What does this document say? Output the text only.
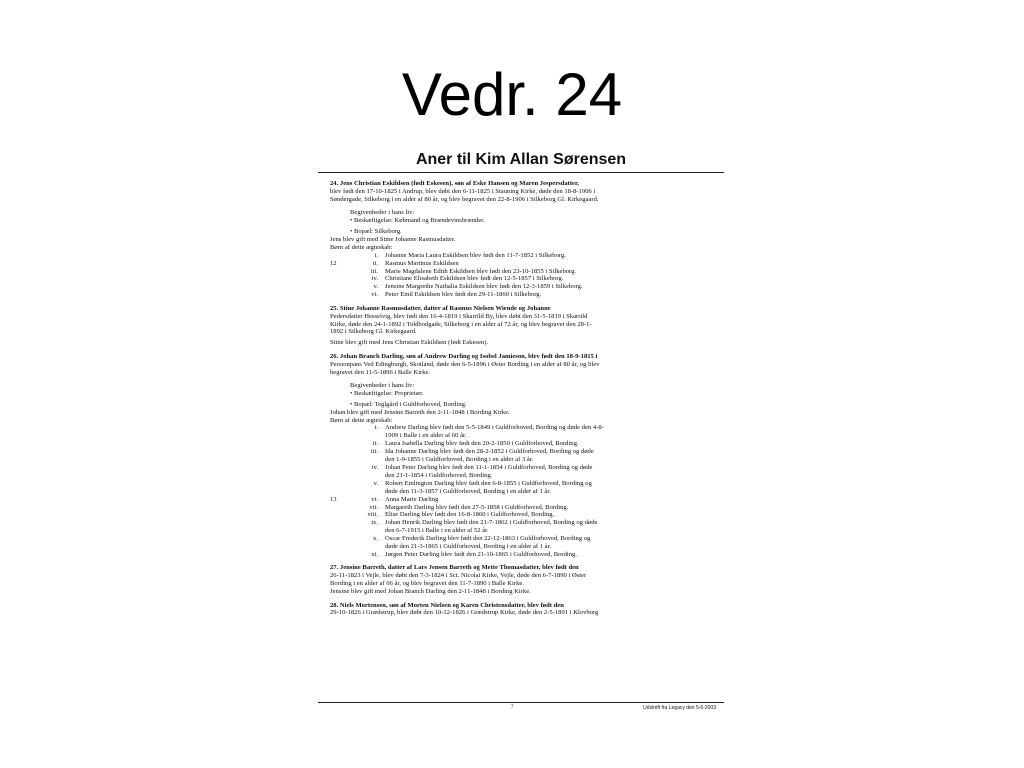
Vedr. 24
Aner til Kim Allan Sørensen

24. Jens Christian Eskildsen (født Eskesen), søn af Eske Hansen og Maren Jespersdatter,

blev født den 17-10-1825 i Andrup, blev døbt den 6-11-1825 i Stauning Kirke, døde den 18-8-1906 i

Søndergade, Silkeborg i en alder af 80 år, og blev begravet den 22-8-1906 i Silkeborg Gl. Kirkegaard.

Begivenheder i hans liv:

• Beskæftigelse: Købmand og Brændevinsbrænder.

• Bopæl: Silkeborg.

Jens blev gift med Stine Johanne Rasmusdatter.

Børn af dette ægteskab:

i.	Johanne Maria Laura Eskildsen blev født den 11-7-1852 i Silkeborg.
12	ii.	Rasmus Martinus Eskildsen
iii.	Marie Magdalene Edith Eskildsen blev født den 23-10-1855 i Silkeborg.
iv.	Christiane Elisabeth Eskildsen blev født den 12-5-1857 i Silkeborg.
v.	Jensine Margrethe Nathalia Eskildsen blev født den 12-3-1859 i Silkeborg.
vi.	Peter Emil Eskildsen blev født den 29-11-1860 i Silkeborg.

25. Stine Johanne Rasmusdatter, datter af Rasmus Nielsen Wiende og Johanne

Pedersdatter Hesselvig, blev født den 16-4-1819 i Skarrild By, blev døbt den 31-5-1819 i Skarrild

Kirke, døde den 24-1-1892 i Toldbodgade, Silkeborg i en alder af 72 år, og blev begravet den 28-1-

1892 i Silkeborg Gl. Kirkegaard.

Stine blev gift med Jens Christian Eskildsen (født Eskesen).

26. Johan Branch Darling, søn af Andrew Darling og Isobel Jamieson, blev født den 18-9-1815 i

Perstonpans Ved Edingburgh, Skotland, døde den 6-5-1896 i Øster Bording i en alder af 80 år, og blev

begravet den 11-5-1896 i Balle Kirke.

Begivenheder i hans liv:

• Beskæftigelse: Proprietær.

• Bopæl: Teglgård i Guldforhoved, Bording.

Johan blev gift med Jensine Barreth den 2-11-1848 i Bording Kirke.

Børn af dette ægteskab:

i.	Andrew Darling blev født den 5-5-1849 i Guldforhoved, Bording og døde den 4-8-
1909 i Balle i en alder af 60 år.
ii.	Laura Isabella Darling blev født den 20-2-1850 i Guldforhoved, Bording.
iii.	Ida Johanne Darling blev født den 28-2-1852 i Guldforhoved, Bording og døde
den 1-9-1855 i Guldforhoved, Bording i en alder af 3 år.
iv.	Johan Peter Darling blev født den 11-1-1854 i Guldforhoved, Bording og døde
den 21-1-1854 i Guldforhoved, Bording.
v.	Robert Emlington Darling blev født den 6-8-1855 i Guldforhoved, Bording og
døde den 11-3-1857 i Guldforhoved, Bording i en alder af 1 år.
13	vi.	Anna Marie Darling
vii.	Margareth Darling blev født den 27-5-1858 i Guldforhoved, Bording.
viii.	Elise Darling blev født den 16-8-1860 i Guldforhoved, Bording.
ix.	Johan Henrik Darling blev født den 21-7-1862 i Guldforhoved, Bording og døde
den 6-7-1915 i Balle i en alder af 52 år.
x.	Oscar Frederik Darling blev født den 22-12-1863 i Guldforhoved, Bording og
døde den 21-3-1865 i Guldforhoved, Bording i en alder af 1 år.
xi.	Jørgen Peter Darling blev født den 21-10-1865 i Guldforhoved, Bording.

27. Jensine Barreth, datter af Lars Jensen Barreth og Mette Thomasdatter, blev født den

26-11-1823 i Vejle, blev døbt den 7-3-1824 i Sct. Nicolai Kirke, Vejle, døde den 6-7-1890 i Øster

Bording i en alder af 66 år, og blev begravet den 11-7-1890 i Balle Kirke.

Jensine blev gift med Johan Branch Darling den 2-11-1848 i Bording Kirke.

28. Niels Mortensen, søn af Morten Nielsen og Karen Christensdatter, blev født den

29-10-1826 i Grædstrup, blev døbt den 10-12-1826 i Grædstrup Kirke, døde den 2-5-1891 i Klovborg

7	Udskrift fra Legacy den 5-6-2003
